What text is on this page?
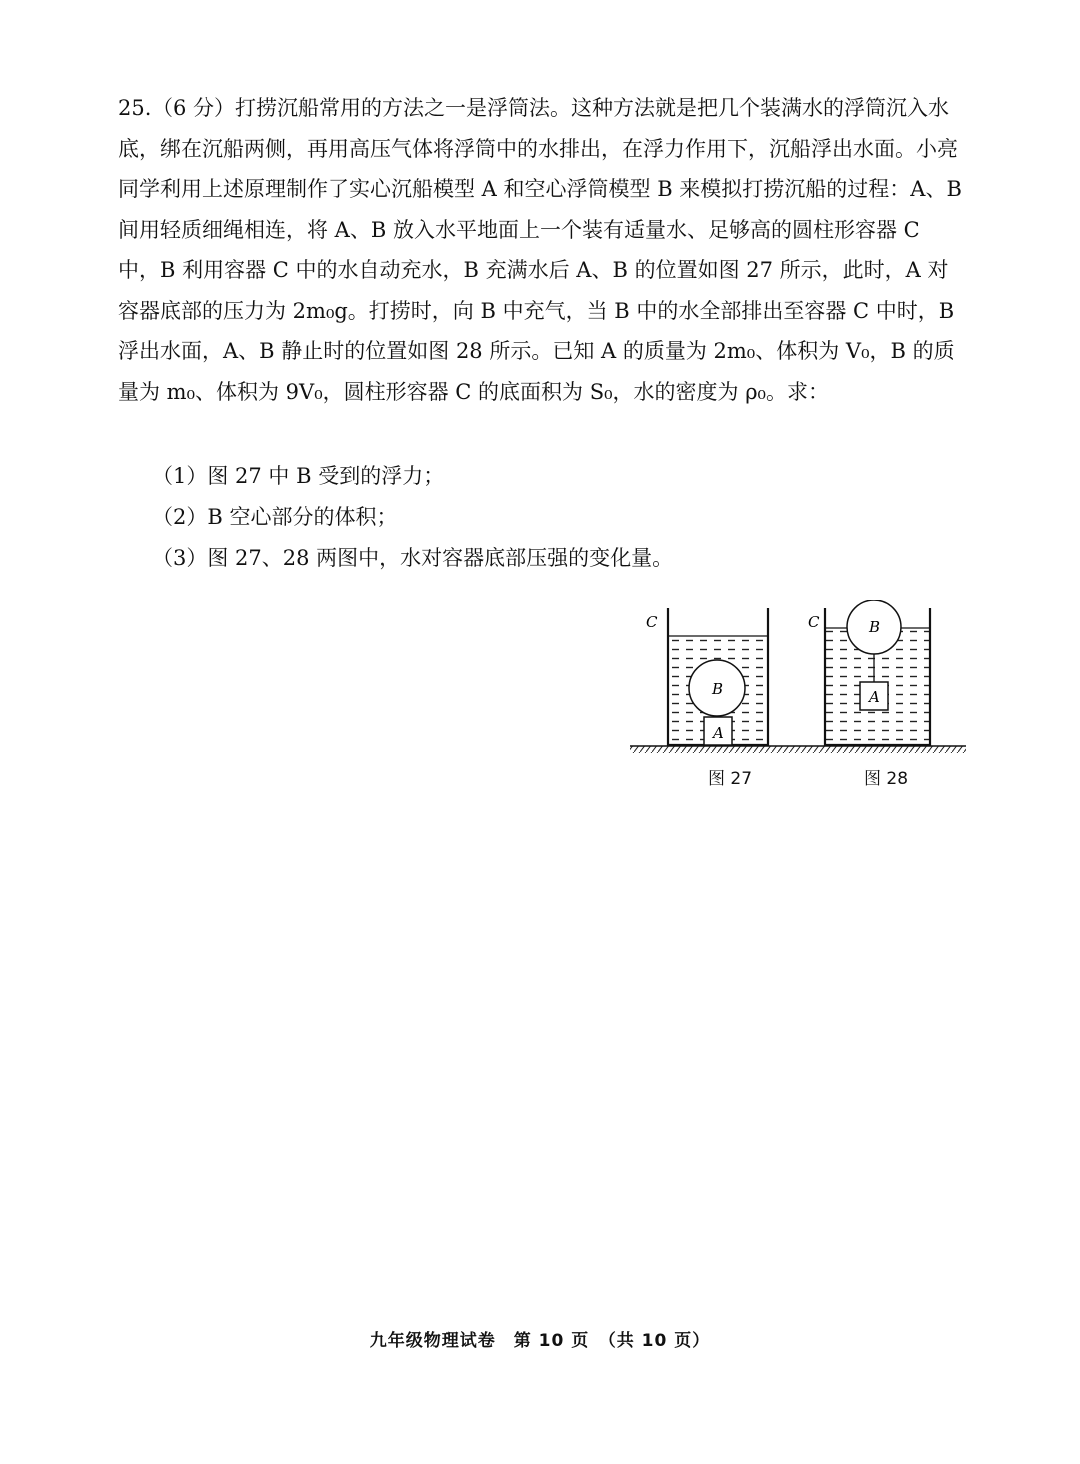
25.（6 分）打捞沉船常用的方法之一是浮筒法。这种方法就是把几个装满水的浮筒沉入水底，绑在沉船两侧，再用高压气体将浮筒中的水排出，在浮力作用下，沉船浮出水面。小亮同学利用上述原理制作了实心沉船模型 A 和空心浮筒模型 B 来模拟打捞沉船的过程：A、B 间用轻质细绳相连，将 A、B 放入水平地面上一个装有适量水、足够高的圆柱形容器 C 中，B 利用容器 C 中的水自动充水，B 充满水后 A、B 的位置如图 27 所示，此时，A 对容器底部的压力为 2m₀g。打捞时，向 B 中充气，当 B 中的水全部排出至容器 C 中时，B 浮出水面，A、B 静止时的位置如图 28 所示。已知 A 的质量为 2m₀、体积为 V₀，B 的质量为 m₀、体积为 9V₀，圆柱形容器 C 的底面积为 S₀，水的密度为 ρ₀。求：
（1）图 27 中 B 受到的浮力；
（2）B 空心部分的体积；
（3）图 27、28 两图中，水对容器底部压强的变化量。
C
B
A
C	B
A
图 27	图 28
九年级物理试卷　第 10 页　（共 10 页）
